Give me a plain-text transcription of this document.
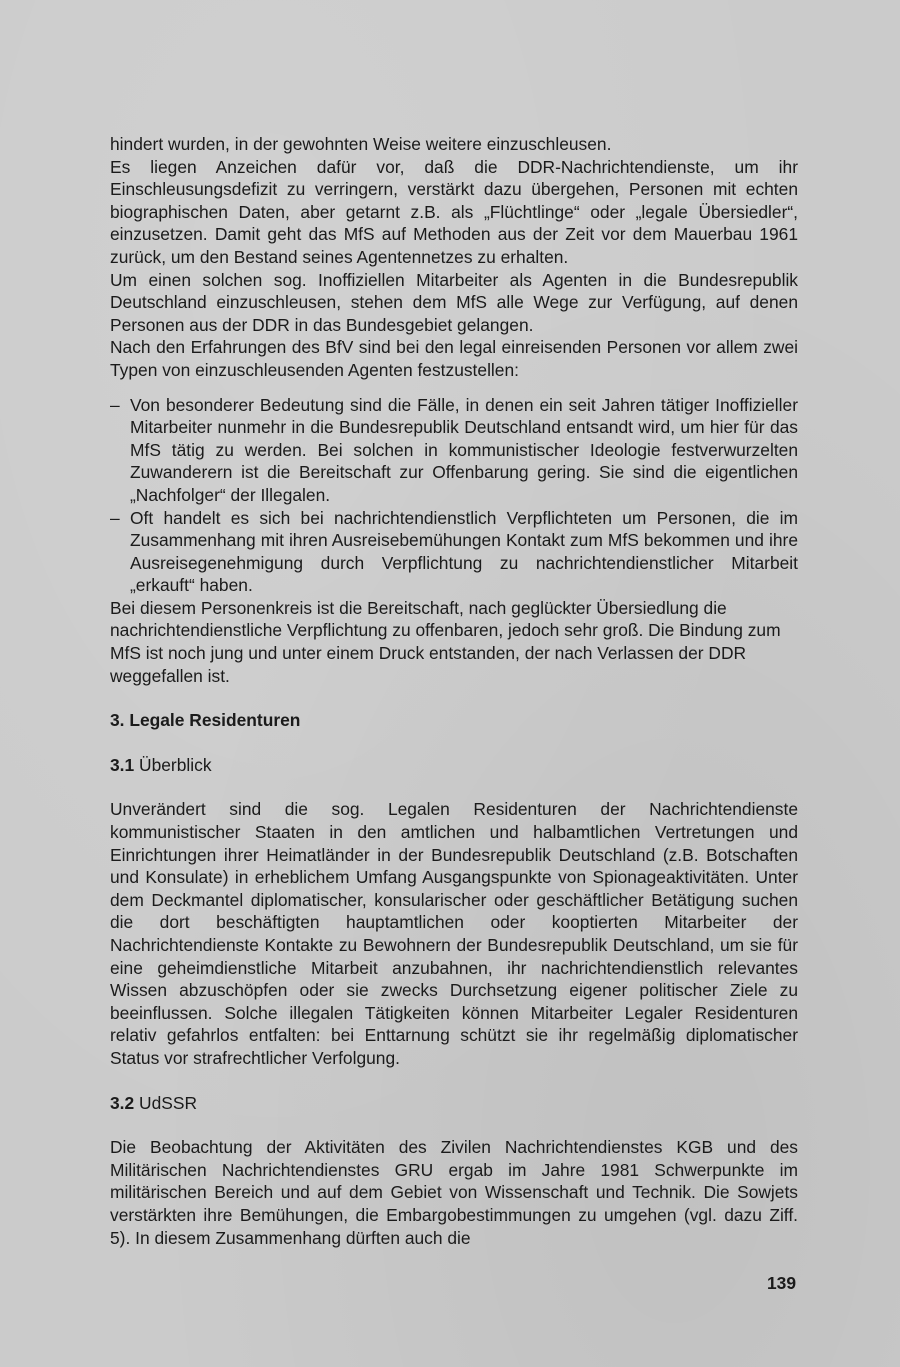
hindert wurden, in der gewohnten Weise weitere einzuschleusen.

Es liegen Anzeichen dafür vor, daß die DDR-Nachrichtendienste, um ihr Einschleusungsdefizit zu verringern, verstärkt dazu übergehen, Personen mit echten biographischen Daten, aber getarnt z.B. als „Flüchtlinge“ oder „legale Übersiedler“, einzusetzen. Damit geht das MfS auf Methoden aus der Zeit vor dem Mauerbau 1961 zurück, um den Bestand seines Agentennetzes zu erhalten.

Um einen solchen sog. Inoffiziellen Mitarbeiter als Agenten in die Bundesrepublik Deutschland einzuschleusen, stehen dem MfS alle Wege zur Verfügung, auf denen Personen aus der DDR in das Bundesgebiet gelangen.

Nach den Erfahrungen des BfV sind bei den legal einreisenden Personen vor allem zwei Typen von einzuschleusenden Agenten festzustellen:

– Von besonderer Bedeutung sind die Fälle, in denen ein seit Jahren tätiger Inoffizieller Mitarbeiter nunmehr in die Bundesrepublik Deutschland entsandt wird, um hier für das MfS tätig zu werden. Bei solchen in kommunistischer Ideologie festverwurzelten Zuwanderern ist die Bereitschaft zur Offenbarung gering. Sie sind die eigentlichen „Nachfolger“ der Illegalen.
– Oft handelt es sich bei nachrichtendienstlich Verpflichteten um Personen, die im Zusammenhang mit ihren Ausreisebemühungen Kontakt zum MfS bekommen und ihre Ausreisegenehmigung durch Verpflichtung zu nachrichtendienstlicher Mitarbeit „erkauft“ haben.

Bei diesem Personenkreis ist die Bereitschaft, nach geglückter Übersiedlung die nachrichtendienstliche Verpflichtung zu offenbaren, jedoch sehr groß. Die Bindung zum MfS ist noch jung und unter einem Druck entstanden, der nach Verlassen der DDR weggefallen ist.

3. Legale Residenturen
3.1 Überblick

Unverändert sind die sog. Legalen Residenturen der Nachrichtendienste kommunistischer Staaten in den amtlichen und halbamtlichen Vertretungen und Einrichtungen ihrer Heimatländer in der Bundesrepublik Deutschland (z.B. Botschaften und Konsulate) in erheblichem Umfang Ausgangspunkte von Spionageaktivitäten. Unter dem Deckmantel diplomatischer, konsularischer oder geschäftlicher Betätigung suchen die dort beschäftigten hauptamtlichen oder kooptierten Mitarbeiter der Nachrichtendienste Kontakte zu Bewohnern der Bundesrepublik Deutschland, um sie für eine geheimdienstliche Mitarbeit anzubahnen, ihr nachrichtendienstlich relevantes Wissen abzuschöpfen oder sie zwecks Durchsetzung eigener politischer Ziele zu beeinflussen. Solche illegalen Tätigkeiten können Mitarbeiter Legaler Residenturen relativ gefahrlos entfalten: bei Enttarnung schützt sie ihr regelmäßig diplomatischer Status vor strafrechtlicher Verfolgung.

3.2 UdSSR

Die Beobachtung der Aktivitäten des Zivilen Nachrichtendienstes KGB und des Militärischen Nachrichtendienstes GRU ergab im Jahre 1981 Schwerpunkte im militärischen Bereich und auf dem Gebiet von Wissenschaft und Technik. Die Sowjets verstärkten ihre Bemühungen, die Embargobestimmungen zu umgehen (vgl. dazu Ziff. 5). In diesem Zusammenhang dürften auch die

139
